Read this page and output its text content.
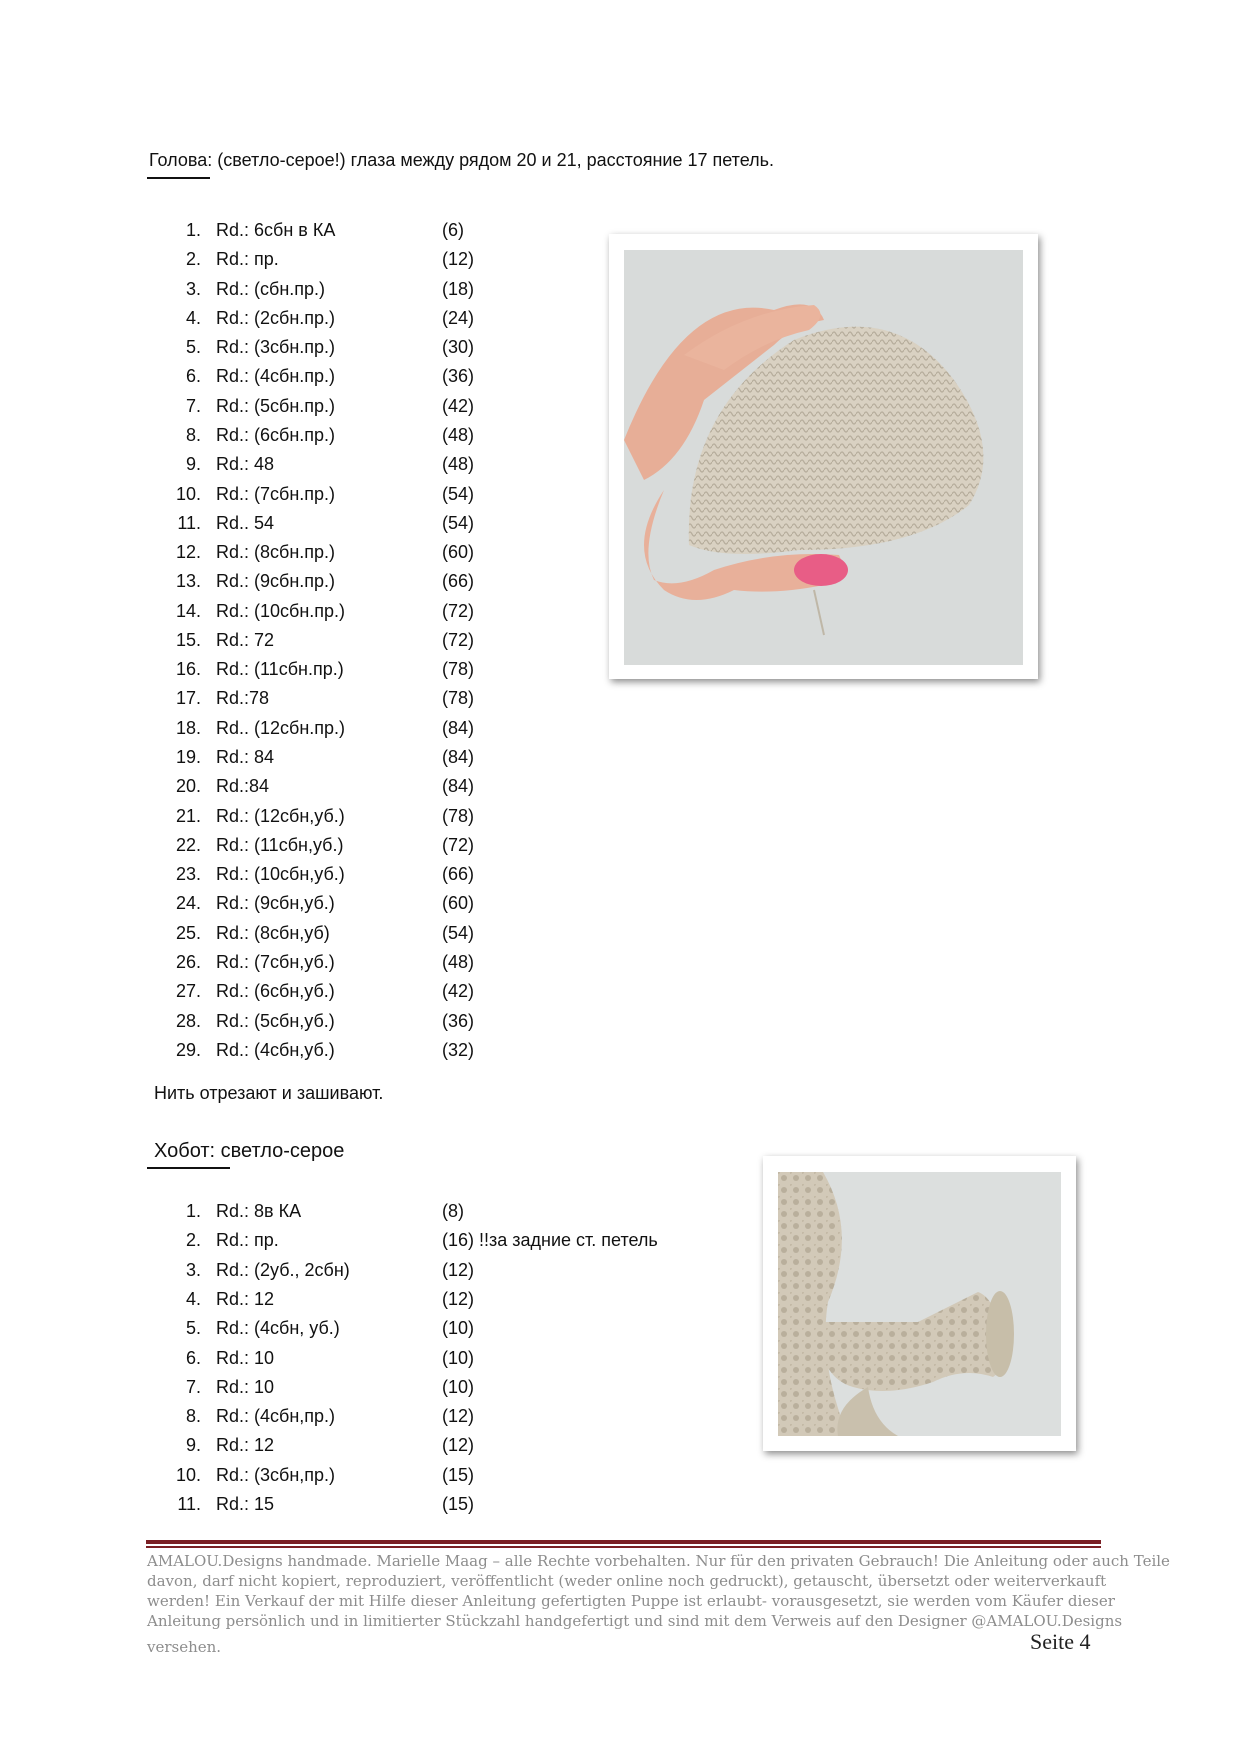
Голова: (светло-серое!) глаза между рядом 20 и 21, расстояние 17 петель.
1. Rd.: 6сбн в КА	(6)
2. Rd.: пр.	(12)
3. Rd.: (сбн.пр.)	(18)
4. Rd.: (2сбн.пр.)	(24)
5. Rd.: (3сбн.пр.)	(30)
6. Rd.: (4сбн.пр.)	(36)
7. Rd.: (5сбн.пр.)	(42)
8. Rd.: (6сбн.пр.)	(48)
9. Rd.: 48	(48)
10. Rd.: (7сбн.пр.)	(54)
11. Rd.. 54	(54)
12. Rd.: (8сбн.пр.)	(60)
13. Rd.: (9сбн.пр.)	(66)
14. Rd.: (10сбн.пр.)	(72)
15. Rd.: 72	(72)
16. Rd.: (11сбн.пр.)	(78)
17. Rd.:78	(78)
18. Rd.. (12сбн.пр.)	(84)
19. Rd.: 84	(84)
20. Rd.:84	(84)
21. Rd.: (12сбн,уб.)	(78)
22. Rd.: (11сбн,уб.)	(72)
23. Rd.: (10сбн,уб.)	(66)
24. Rd.: (9сбн,уб.)	(60)
25. Rd.: (8сбн,уб)	(54)
26. Rd.: (7сбн,уб.)	(48)
27. Rd.: (6сбн,уб.)	(42)
28. Rd.: (5сбн,уб.)	(36)
29. Rd.: (4сбн,уб.)	(32)
Нить отрезают и зашивают.
Хобот: светло-серое
1. Rd.: 8в КА	(8)
2. Rd.: пр.	(16) !!за задние ст. петель
3. Rd.: (2уб., 2сбн)	(12)
4. Rd.: 12	(12)
5. Rd.: (4сбн, уб.)	(10)
6. Rd.: 10	(10)
7. Rd.: 10	(10)
8. Rd.: (4сбн,пр.)	(12)
9. Rd.: 12	(12)
10. Rd.: (3сбн,пр.)	(15)
11. Rd.: 15	(15)

AMALOU.Designs handmade. Marielle Maag – alle Rechte vorbehalten. Nur für den privaten Gebrauch! Die Anleitung oder auch Teile

davon, darf nicht kopiert, reproduziert, veröffentlicht (weder online noch gedruckt), getauscht, übersetzt oder weiterverkauft

werden! Ein Verkauf der mit Hilfe dieser Anleitung gefertigten Puppe ist erlaubt- vorausgesetzt, sie werden vom Käufer dieser

Anleitung persönlich und in limitierter Stückzahl handgefertigt und sind mit dem Verweis auf den Designer @AMALOU.Designs

versehen.	Seite 4
